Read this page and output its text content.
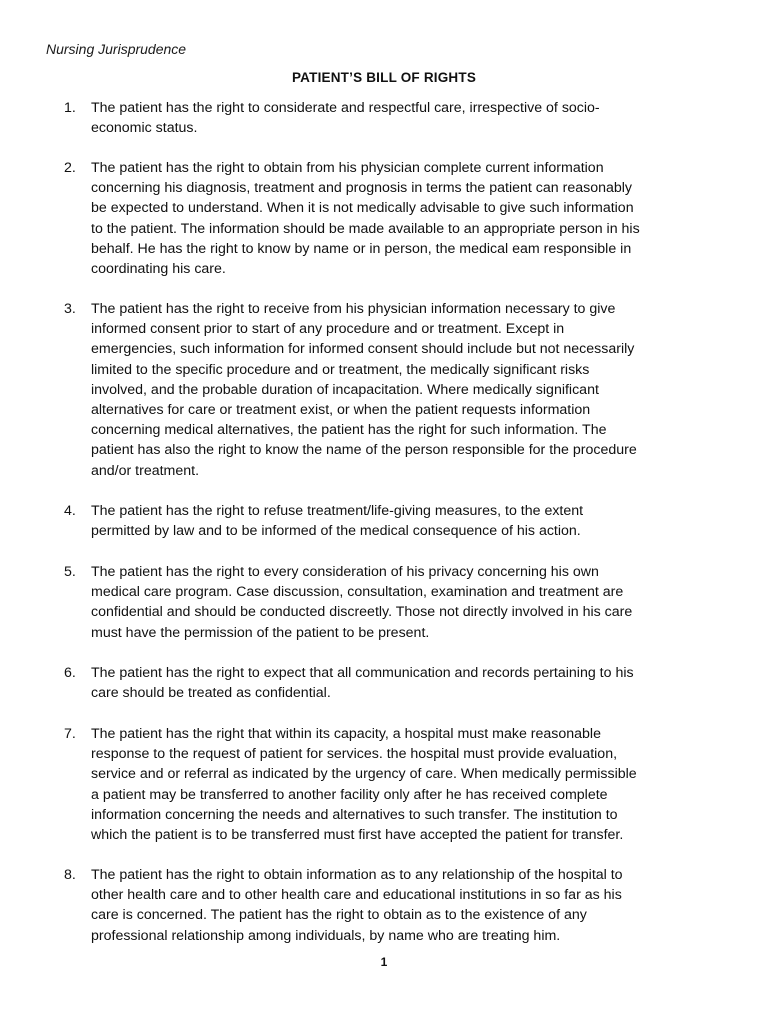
Nursing Jurisprudence
PATIENT’S BILL OF RIGHTS
1.	The patient has the right to considerate and respectful care, irrespective of socio-
economic status.
2.	The patient has the right to obtain from his physician complete current information
concerning his diagnosis, treatment and prognosis in terms the patient can reasonably
be expected to understand. When it is not medically advisable to give such information
to the patient. The information should be made available to an appropriate person in his
behalf. He has the right to know by name or in person, the medical eam responsible in
coordinating his care.
3.	The patient has the right to receive from his physician information necessary to give
informed consent prior to start of any procedure and or treatment. Except in
emergencies, such information for informed consent should include but not necessarily
limited to the specific procedure and or treatment, the medically significant risks
involved, and the probable duration of incapacitation. Where medically significant
alternatives for care or treatment exist, or when the patient requests information
concerning medical alternatives, the patient has the right for such information. The
patient has also the right to know the name of the person responsible for the procedure
and/or treatment.
4.	The patient has the right to refuse treatment/life-giving measures, to the extent
permitted by law and to be informed of the medical consequence of his action.
5.	The patient has the right to every consideration of his privacy concerning his own
medical care program. Case discussion, consultation, examination and treatment are
confidential and should be conducted discreetly. Those not directly involved in his care
must have the permission of the patient to be present.
6.	The patient has the right to expect that all communication and records pertaining to his
care should be treated as confidential.
7.	The patient has the right that within its capacity, a hospital must make reasonable
response to the request of patient for services. the hospital must provide evaluation,
service and or referral as indicated by the urgency of care. When medically permissible
a patient may be transferred to another facility only after he has received complete
information concerning the needs and alternatives to such transfer. The institution to
which the patient is to be transferred must first have accepted the patient for transfer.
8.	The patient has the right to obtain information as to any relationship of the hospital to
other health care and to other health care and educational institutions in so far as his
care is concerned. The patient has the right to obtain as to the existence of any
professional relationship among individuals, by name who are treating him.
1
